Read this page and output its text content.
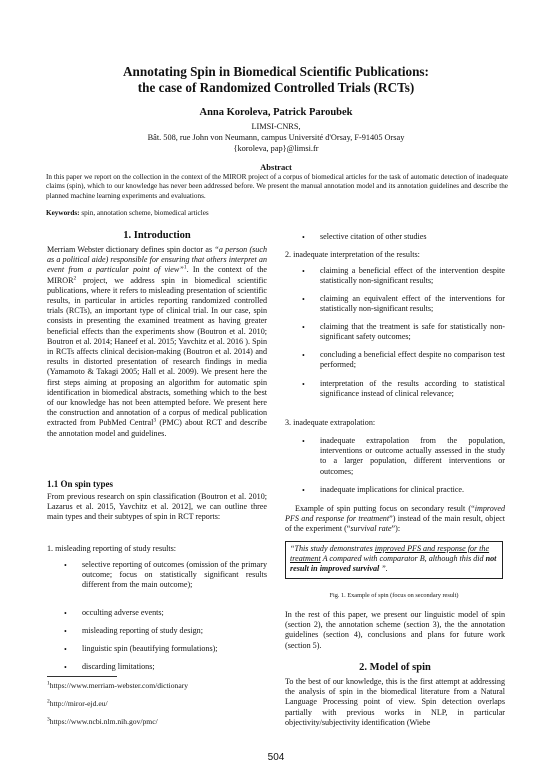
Annotating Spin in Biomedical Scientific Publications:
the case of Randomized Controlled Trials (RCTs)
Anna Koroleva, Patrick Paroubek
LIMSI-CNRS,
Bât. 508, rue John von Neumann, campus Université d'Orsay, F-91405 Orsay
{koroleva, pap}@limsi.fr
Abstract

In this paper we report on the collection in the context of the MIROR project of a corpus of biomedical articles for the task of automatic detection of inadequate claims (spin), which to our knowledge has never been addressed before. We present the manual annotation model and its annotation guidelines and describe the planned machine learning experiments and evaluations.

Keywords: spin, annotation scheme, biomedical articles
1. Introduction

Merriam Webster dictionary defines spin doctor as “a person (such as a political aide) responsible for ensuring that others interpret an event from a particular point of view”$^1$. In the context of the MIROR$^2$ project, we address spin in biomedical scientific publications, where it refers to misleading presentation of scientific results, in particular in articles reporting randomized controlled trials (RCTs), an important type of clinical trial. In our case, spin consists in presenting the examined treatment as having greater beneficial effects than the experiments show (Boutron et al. 2010; Boutron et al. 2014; Haneef et al. 2015; Yavchitz et al. 2016 ). Spin in RCTs affects clinical decision-making (Boutron et al. 2014) and results in distorted presentation of research findings in media (Yamamoto & Takagi 2005; Hall et al. 2009). We present here the first steps aiming at proposing an algorithm for automatic spin identification in biomedical abstracts, something which to the best of our knowledge has not been attempted before. We present here the construction and annotation of a corpus of medical publication extracted from PubMed Central$^3$ (PMC) about RCT and describe the annotation model and guidelines.

1.1 On spin types

From previous research on spin classification (Boutron et al. 2010; Lazarus et al. 2015, Yavchitz et al. 2012], we can outline three main types and their subtypes of spin in RCT reports:

1. misleading reporting of study results:
• selective reporting of outcomes (omission of the primary outcome; focus on statistically significant results different from the main outcome);

• occulting adverse events;

• misleading reporting of study design;

• linguistic spin (beautifying formulations);

• discarding limitations;

$^1$https://www.merriam-webster.com/dictionary
$^2$http://miror-ejd.eu/
$^3$https://www.ncbi.nlm.nih.gov/pmc/
• selective citation of other studies

2. inadequate interpretation of the results:
• claiming a beneficial effect of the intervention despite statistically non-significant results;

• claiming an equivalent effect of the interventions for statistically non-significant results;

• claiming that the treatment is safe for statistically non-significant safety outcomes;

• concluding a beneficial effect despite no comparison test performed;

• interpretation of the results according to statistical significance instead of clinical relevance;

3. inadequate extrapolation:
• inadequate extrapolation from the population, interventions or outcome actually assessed in the study to a larger population, different interventions or outcomes;

• inadequate implications for clinical practice.

Example of spin putting focus on secondary result (“improved PFS and response for treatment”) instead of the main result, object of the experiment (“survival rate”):

“This study demonstrates improved PFS and response for the treatment A compared with comparator B, although this did not result in improved survival ”.
Fig. 1. Example of spin (focus on secondary result)

In the rest of this paper, we present our linguistic model of spin (section 2), the annotation scheme (section 3), the the annotation guidelines (section 4), conclusions and plans for future work (section 5).

2. Model of spin

To the best of our knowledge, this is the first attempt at addressing the analysis of spin in the biomedical literature from a Natural Language Processing point of view. Spin detection overlaps partially with previous works in NLP, in particular objectivity/subjectivity identification (Wiebe

504
